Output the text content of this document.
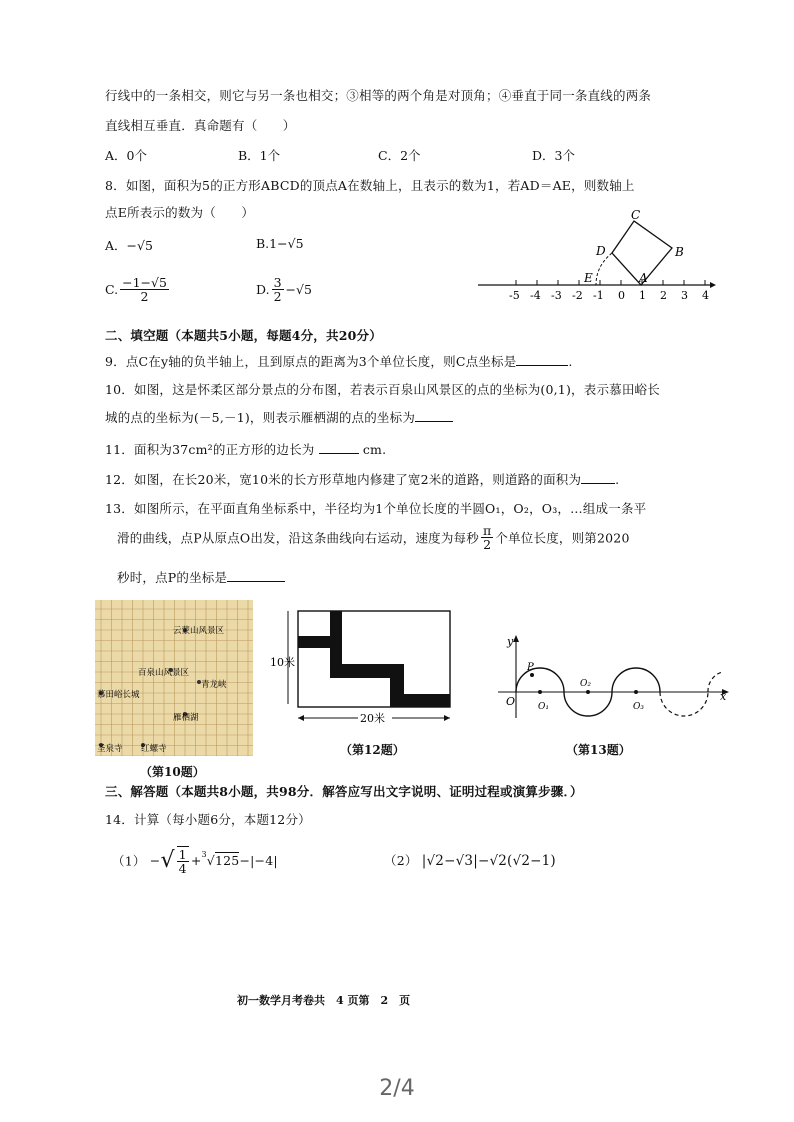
行线中的一条相交，则它与另一条也相交；③相等的两个角是对顶角；④垂直于同一条直线的两条
直线相互垂直．真命题有（　　）
A．0个	B．1个	C．2个	D．3个
8．如图，面积为5的正方形ABCD的顶点A在数轴上，且表示的数为1，若AD＝AE，则数轴上
点E所表示的数为（　　）
A．−√5	B.1−√5
C. $\frac{-1-√5}{2}$	D. $\frac{3}{2} -√5$	-5 -4 -3 -2 -1 0 1 2 3 4
C
D	B
E	A
二、填空题（本题共5小题，每题4分，共20分）
9．点C在y轴的负半轴上，且到原点的距离为3个单位长度，则C点坐标是	.
10．如图，这是怀柔区部分景点的分布图，若表示百泉山风景区的点的坐标为(0,1)，表示慕田峪长
城的点的坐标为(－5,－1)，则表示雁栖湖的点的坐标为
11．面积为37cm²的正方形的边长为	cm.
12．如图，在长20米，宽10米的长方形草地内修建了宽2米的道路，则道路的面积为	.
13．如图所示，在平面直角坐标系中，半径均为1个单位长度的半圆O₁，O₂，O₃，…组成一条平
滑的曲线，点P从原点O出发，沿这条曲线向右运动，速度为每秒 $\frac{\pi}{2}$ 个单位长度，则第2020
秒时，点P的坐标是
云蒙山风景区
百泉山风景区
青龙峡
慕田峪长城
雁栖湖
圣泉寺 红螺寺
（第10题）
10米
20米
（第12题）
y
x
P
O	O₁
O₂
O₃
（第13题）
三、解答题（本题共8小题，共98分．解答应写出文字说明、证明过程或演算步骤．）
14．计算（每小题6分，本题12分）
（1） −√ $\frac{1}{4} +^3√125-|-4|$	（2） |√2−√3|−√2(√2−1)
初一数学月考卷共　4 页第　2　页
2/4
